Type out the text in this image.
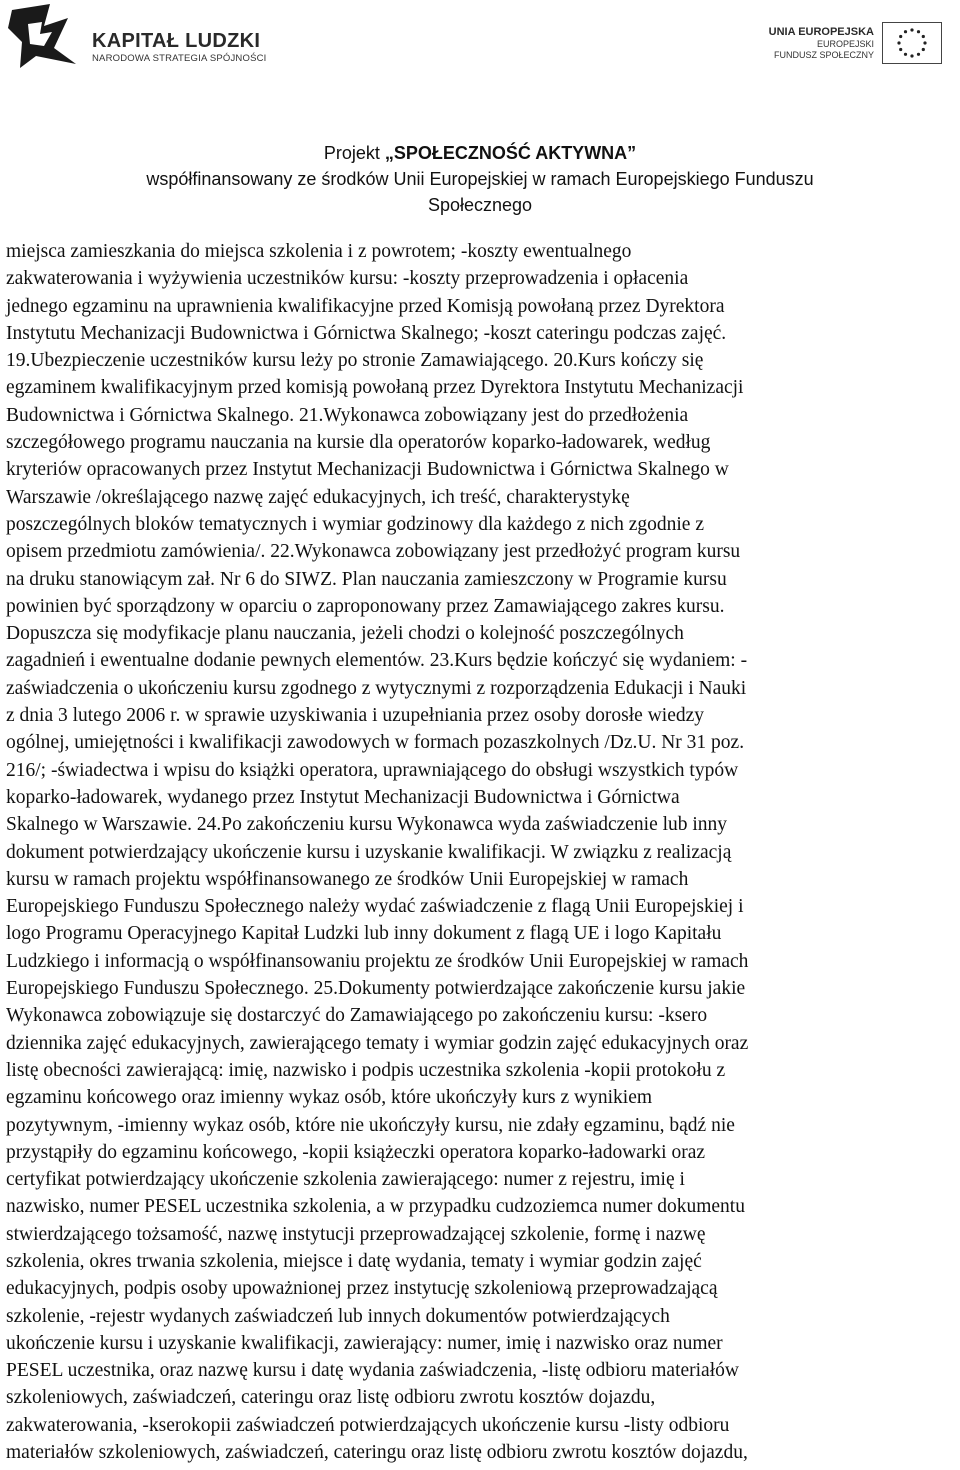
KAPITAŁ LUDZKI
NARODOWA STRATEGIA SPÓJNOŚCI
UNIA EUROPEJSKA
EUROPEJSKI
FUNDUSZ SPOŁECZNY
Projekt „SPOŁECZNOŚĆ AKTYWNA”
współfinansowany ze środków Unii Europejskiej w ramach Europejskiego Funduszu
Społecznego
miejsca zamieszkania do miejsca szkolenia i z powrotem; -koszty ewentualnego
zakwaterowania i wyżywienia uczestników kursu: -koszty przeprowadzenia i opłacenia
jednego egzaminu na uprawnienia kwalifikacyjne przed Komisją powołaną przez Dyrektora
Instytutu Mechanizacji Budownictwa i Górnictwa Skalnego; -koszt cateringu podczas zajęć.
19.Ubezpieczenie uczestników kursu leży po stronie Zamawiającego. 20.Kurs kończy się
egzaminem kwalifikacyjnym przed komisją powołaną przez Dyrektora Instytutu Mechanizacji
Budownictwa i Górnictwa Skalnego. 21.Wykonawca zobowiązany jest do przedłożenia
szczegółowego programu nauczania na kursie dla operatorów koparko-ładowarek, według
kryteriów opracowanych przez Instytut Mechanizacji Budownictwa i Górnictwa Skalnego w
Warszawie /określającego nazwę zajęć edukacyjnych, ich treść, charakterystykę
poszczególnych bloków tematycznych i wymiar godzinowy dla każdego z nich zgodnie z
opisem przedmiotu zamówienia/. 22.Wykonawca zobowiązany jest przedłożyć program kursu
na druku stanowiącym zał. Nr 6 do SIWZ. Plan nauczania zamieszczony w Programie kursu
powinien być sporządzony w oparciu o zaproponowany przez Zamawiającego zakres kursu.
Dopuszcza się modyfikacje planu nauczania, jeżeli chodzi o kolejność poszczególnych
zagadnień i ewentualne dodanie pewnych elementów. 23.Kurs będzie kończyć się wydaniem: -
zaświadczenia o ukończeniu kursu zgodnego z wytycznymi z rozporządzenia Edukacji i Nauki
z dnia 3 lutego 2006 r. w sprawie uzyskiwania i uzupełniania przez osoby dorosłe wiedzy
ogólnej, umiejętności i kwalifikacji zawodowych w formach pozaszkolnych /Dz.U. Nr 31 poz.
216/; -świadectwa i wpisu do książki operatora, uprawniającego do obsługi wszystkich typów
koparko-ładowarek, wydanego przez Instytut Mechanizacji Budownictwa i Górnictwa
Skalnego w Warszawie. 24.Po zakończeniu kursu Wykonawca wyda zaświadczenie lub inny
dokument potwierdzający ukończenie kursu i uzyskanie kwalifikacji. W związku z realizacją
kursu w ramach projektu współfinansowanego ze środków Unii Europejskiej w ramach
Europejskiego Funduszu Społecznego należy wydać zaświadczenie z flagą Unii Europejskiej i
logo Programu Operacyjnego Kapitał Ludzki lub inny dokument z flagą UE i logo Kapitału
Ludzkiego i informacją o współfinansowaniu projektu ze środków Unii Europejskiej w ramach
Europejskiego Funduszu Społecznego. 25.Dokumenty potwierdzające zakończenie kursu jakie
Wykonawca zobowiązuje się dostarczyć do Zamawiającego po zakończeniu kursu: -ksero
dziennika zajęć edukacyjnych, zawierającego tematy i wymiar godzin zajęć edukacyjnych oraz
listę obecności zawierającą: imię, nazwisko i podpis uczestnika szkolenia -kopii protokołu z
egzaminu końcowego oraz imienny wykaz osób, które ukończyły kurs z wynikiem
pozytywnym, -imienny wykaz osób, które nie ukończyły kursu, nie zdały egzaminu, bądź nie
przystąpiły do egzaminu końcowego, -kopii książeczki operatora koparko-ładowarki oraz
certyfikat potwierdzający ukończenie szkolenia zawierającego: numer z rejestru, imię i
nazwisko, numer PESEL uczestnika szkolenia, a w przypadku cudzoziemca numer dokumentu
stwierdzającego tożsamość, nazwę instytucji przeprowadzającej szkolenie, formę i nazwę
szkolenia, okres trwania szkolenia, miejsce i datę wydania, tematy i wymiar godzin zajęć
edukacyjnych, podpis osoby upoważnionej przez instytucję szkoleniową przeprowadzającą
szkolenie, -rejestr wydanych zaświadczeń lub innych dokumentów potwierdzających
ukończenie kursu i uzyskanie kwalifikacji, zawierający: numer, imię i nazwisko oraz numer
PESEL uczestnika, oraz nazwę kursu i datę wydania zaświadczenia, -listę odbioru materiałów
szkoleniowych, zaświadczeń, cateringu oraz listę odbioru zwrotu kosztów dojazdu,
zakwaterowania, -kserokopii zaświadczeń potwierdzających ukończenie kursu -listy odbioru
materiałów szkoleniowych, zaświadczeń, cateringu oraz listę odbioru zwrotu kosztów dojazdu,
